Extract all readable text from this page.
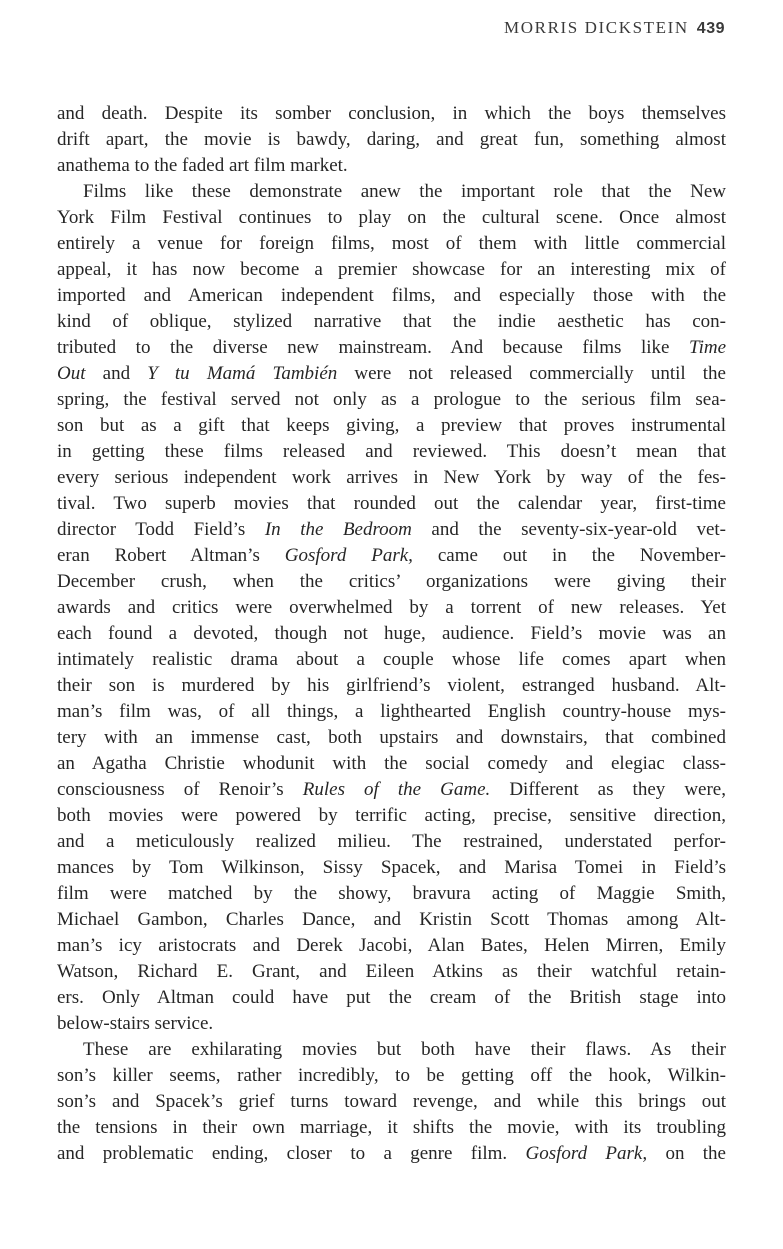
MORRIS DICKSTEIN 439
and death. Despite its somber conclusion, in which the boys themselves
drift apart, the movie is bawdy, daring, and great fun, something almost
anathema to the faded art film market.
Films like these demonstrate anew the important role that the New
York Film Festival continues to play on the cultural scene. Once almost
entirely a venue for foreign films, most of them with little commercial
appeal, it has now become a premier showcase for an interesting mix of
imported and American independent films, and especially those with the
kind of oblique, stylized narrative that the indie aesthetic has con-
tributed to the diverse new mainstream. And because films like Time
Out and Y tu Mamá También were not released commercially until the
spring, the festival served not only as a prologue to the serious film sea-
son but as a gift that keeps giving, a preview that proves instrumental
in getting these films released and reviewed. This doesn’t mean that
every serious independent work arrives in New York by way of the fes-
tival. Two superb movies that rounded out the calendar year, first-time
director Todd Field’s In the Bedroom and the seventy-six-year-old vet-
eran Robert Altman’s Gosford Park, came out in the November-
December crush, when the critics’ organizations were giving their
awards and critics were overwhelmed by a torrent of new releases. Yet
each found a devoted, though not huge, audience. Field’s movie was an
intimately realistic drama about a couple whose life comes apart when
their son is murdered by his girlfriend’s violent, estranged husband. Alt-
man’s film was, of all things, a lighthearted English country-house mys-
tery with an immense cast, both upstairs and downstairs, that combined
an Agatha Christie whodunit with the social comedy and elegiac class-
consciousness of Renoir’s Rules of the Game. Different as they were,
both movies were powered by terrific acting, precise, sensitive direction,
and a meticulously realized milieu. The restrained, understated perfor-
mances by Tom Wilkinson, Sissy Spacek, and Marisa Tomei in Field’s
film were matched by the showy, bravura acting of Maggie Smith,
Michael Gambon, Charles Dance, and Kristin Scott Thomas among Alt-
man’s icy aristocrats and Derek Jacobi, Alan Bates, Helen Mirren, Emily
Watson, Richard E. Grant, and Eileen Atkins as their watchful retain-
ers. Only Altman could have put the cream of the British stage into
below-stairs service.
These are exhilarating movies but both have their flaws. As their
son’s killer seems, rather incredibly, to be getting off the hook, Wilkin-
son’s and Spacek’s grief turns toward revenge, and while this brings out
the tensions in their own marriage, it shifts the movie, with its troubling
and problematic ending, closer to a genre film. Gosford Park, on the
